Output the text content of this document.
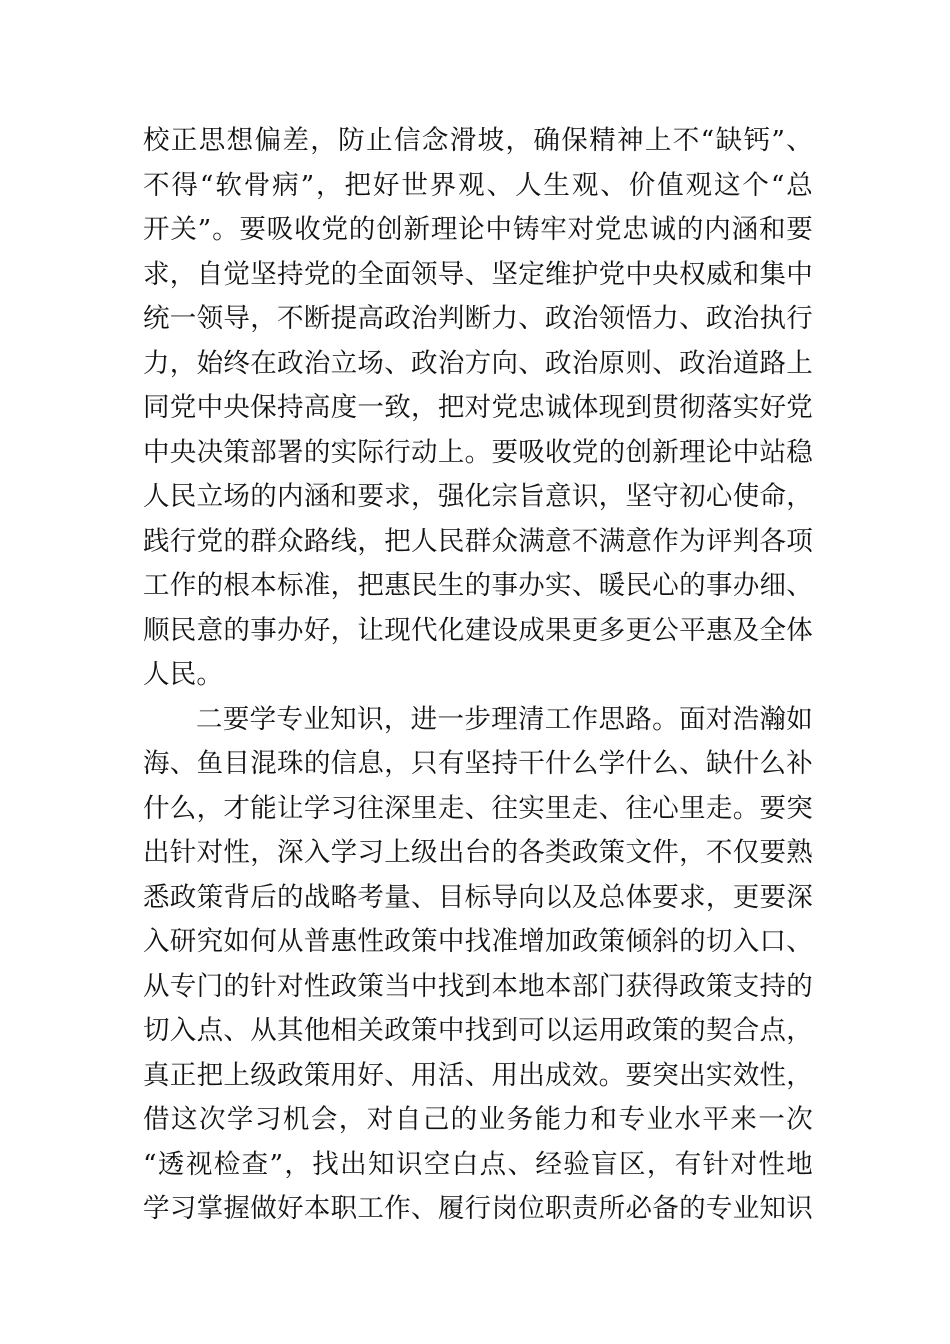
校正思想偏差，防止信念滑坡，确保精神上不“缺钙”、
不得“软骨病”，把好世界观、人生观、价值观这个“总
开关”。要吸收党的创新理论中铸牢对党忠诚的内涵和要
求，自觉坚持党的全面领导、坚定维护党中央权威和集中
统一领导，不断提高政治判断力、政治领悟力、政治执行
力，始终在政治立场、政治方向、政治原则、政治道路上
同党中央保持高度一致，把对党忠诚体现到贯彻落实好党
中央决策部署的实际行动上。要吸收党的创新理论中站稳
人民立场的内涵和要求，强化宗旨意识，坚守初心使命，
践行党的群众路线，把人民群众满意不满意作为评判各项
工作的根本标准，把惠民生的事办实、暖民心的事办细、
顺民意的事办好，让现代化建设成果更多更公平惠及全体
人民。
二要学专业知识，进一步理清工作思路。面对浩瀚如
海、鱼目混珠的信息，只有坚持干什么学什么、缺什么补
什么，才能让学习往深里走、往实里走、往心里走。要突
出针对性，深入学习上级出台的各类政策文件，不仅要熟
悉政策背后的战略考量、目标导向以及总体要求，更要深
入研究如何从普惠性政策中找准增加政策倾斜的切入口、
从专门的针对性政策当中找到本地本部门获得政策支持的
切入点、从其他相关政策中找到可以运用政策的契合点，
真正把上级政策用好、用活、用出成效。要突出实效性，
借这次学习机会，对自己的业务能力和专业水平来一次
“透视检查”，找出知识空白点、经验盲区，有针对性地
学习掌握做好本职工作、履行岗位职责所必备的专业知识
